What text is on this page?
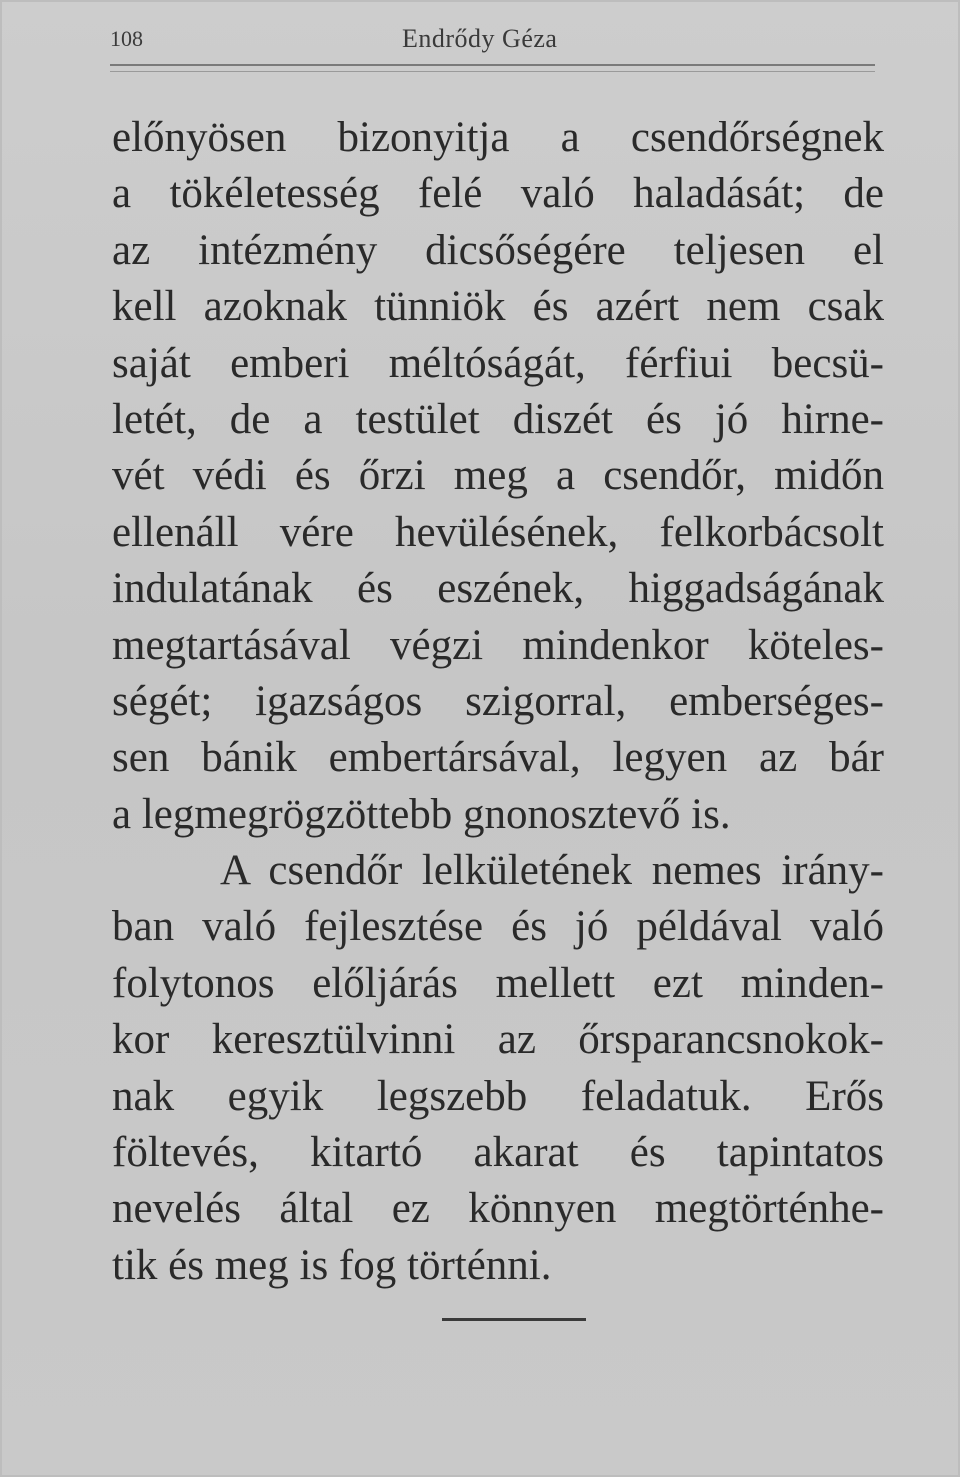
108	Endrődy Géza
előnyösen bizonyitja a csendőrségnek
a tökéletesség felé való haladását; de
az intézmény dicsőségére teljesen el
kell azoknak tünniök és azért nem csak
saját emberi méltóságát, férfiui becsü-
letét, de a testület diszét és jó hirne-
vét védi és őrzi meg a csendőr, midőn
ellenáll vére hevülésének, felkorbácsolt
indulatának és eszének, higgadságának
megtartásával végzi mindenkor köteles-
ségét; igazságos szigorral, emberséges-
sen bánik embertársával, legyen az bár
a legmegrögzöttebb gnonosztevő is.
A csendőr lelkületének nemes irány-
ban való fejlesztése és jó példával való
folytonos előljárás mellett ezt minden-
kor keresztülvinni az őrsparancsnokok-
nak egyik legszebb feladatuk. Erős
föltevés, kitartó akarat és tapintatos
nevelés által ez könnyen megtörténhe-
tik és meg is fog történni.
